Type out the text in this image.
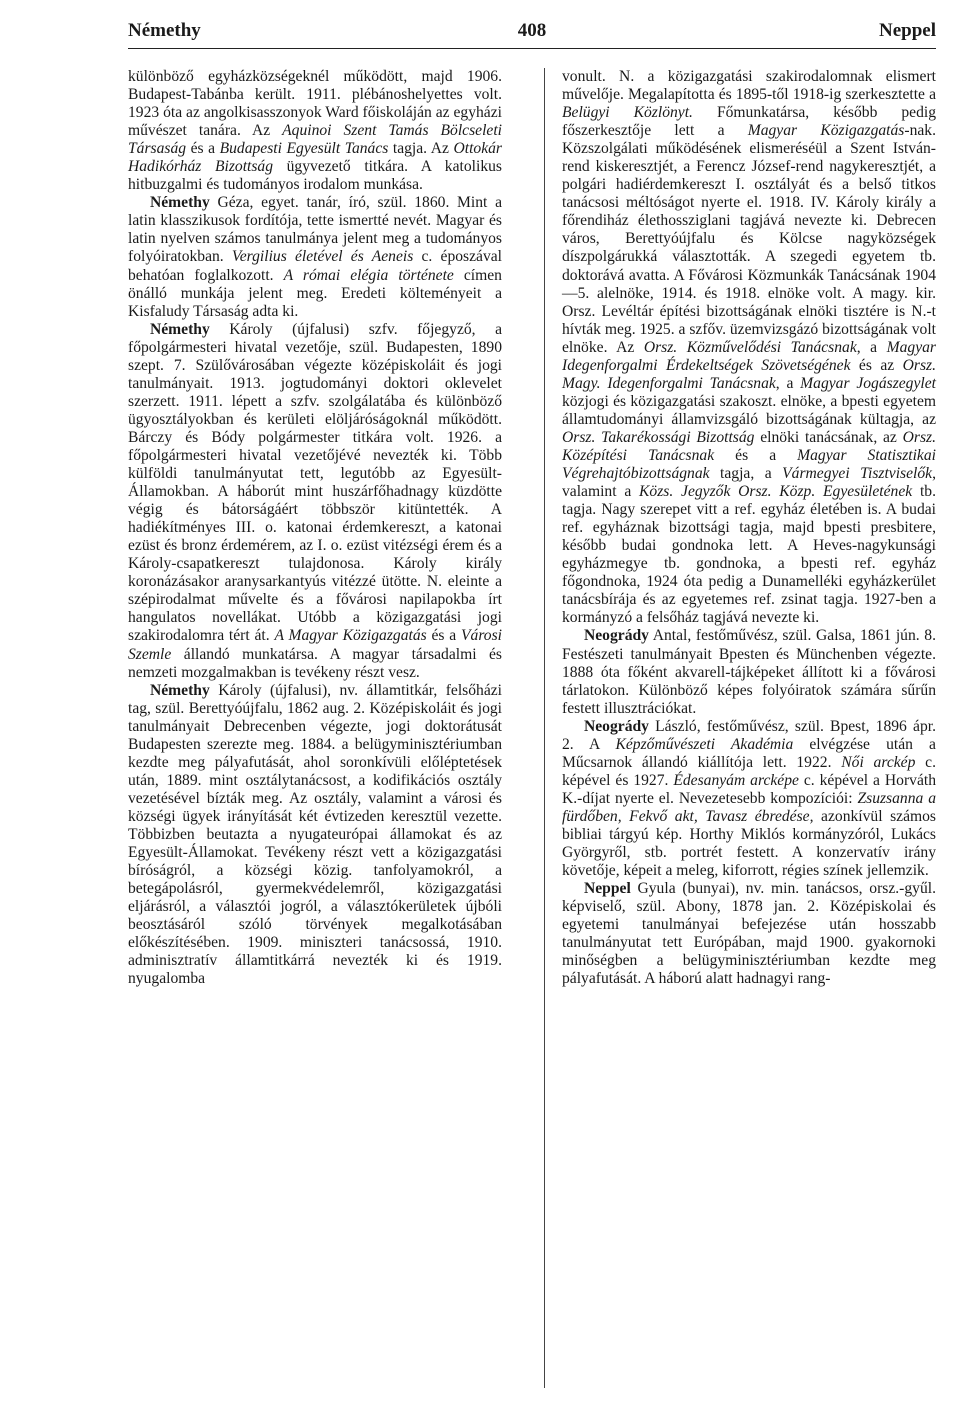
Némethy	408	Neppel

különböző egyházközségeknél működött, majd 1906. Budapest-Tabánba került. 1911. plébánoshelyettes volt. 1923 óta az angolkisasszonyok Ward főiskoláján az egyházi művészet tanára. Az Aquinoi Szent Tamás Bölcseleti Társaság és a Budapesti Egyesült Tanács tagja. Az Ottokár Hadikórház Bizottság ügyvezető titkára. A katolikus hitbuzgalmi és tudományos irodalom munkása.

Némethy Géza, egyet. tanár, író, szül. 1860. Mint a latin klasszikusok fordítója, tette ismertté nevét. Magyar és latin nyelven számos tanulmánya jelent meg a tudományos folyóiratokban. Vergilius életével és Aeneis c. époszával behatóan foglalkozott. A római elégia története címen önálló munkája jelent meg. Eredeti költeményeit a Kisfaludy Társaság adta ki.

Némethy Károly (újfalusi) szfv. főjegyző, a főpolgármesteri hivatal vezetője, szül. Budapesten, 1890 szept. 7. Szülővárosában végezte középiskoláit és jogi tanulmányait. 1913. jogtudományi doktori oklevelet szerzett. 1911. lépett a szfv. szolgálatába és különböző ügyosztályokban és kerületi elöljáróságoknál működött. Bárczy és Bódy polgármester titkára volt. 1926. a főpolgármesteri hivatal vezetőjévé nevezték ki. Több külföldi tanulmányutat tett, legutóbb az Egyesült-Államokban. A háborút mint huszárfőhadnagy küzdötte végig és bátorságáért többször kitüntették. A hadiékítményes III. o. katonai érdemkereszt, a katonai ezüst és bronz érdemérem, az I. o. ezüst vitézségi érem és a Károly-csapatkereszt tulajdonosa. Károly király koronázásakor aranysarkantyús vitézzé ütötte. N. eleinte a szépirodalmat művelte és a fővárosi napilapokba írt hangulatos novellákat. Utóbb a közigazgatási jogi szakirodalomra tért át. A Magyar Közigazgatás és a Városi Szemle állandó munkatársa. A magyar társadalmi és nemzeti mozgalmakban is tevékeny részt vesz.

Némethy Károly (újfalusi), nv. államtitkár, felsőházi tag, szül. Berettyóújfalu, 1862 aug. 2. Középiskoláit és jogi tanulmányait Debrecenben végezte, jogi doktorátusát Budapesten szerezte meg. 1884. a belügyminisztériumban kezdte meg pályafutását, ahol soronkívüli előléptetések után, 1889. mint osztálytanácsost, a kodifikációs osztály vezetésével bízták meg. Az osztály, valamint a városi és községi ügyek irányítását két évtizeden keresztül vezette. Többizben beutazta a nyugateurópai államokat és az Egyesült-Államokat. Tevékeny részt vett a közigazgatási bíróságról, a községi közig. tanfolyamokról, a betegápolásról, gyermekvédelemről, közigazgatási eljárásról, a választói jogról, a választókerületek újbóli beosztásáról szóló törvények megalkotásában előkészítésében. 1909. miniszteri tanácsossá, 1910. adminisztratív államtitkárrá nevezték ki és 1919. nyugalomba

vonult. N. a közigazgatási szakirodalomnak elismert művelője. Megalapította és 1895-től 1918-ig szerkesztette a Belügyi Közlönyt. Főmunkatársa, később pedig főszerkesztője lett a Magyar Közigazgatás-nak. Közszolgálati működésének elismeréséül a Szent István-rend kiskeresztjét, a Ferencz József-rend nagykeresztjét, a polgári hadiérdemkereszt I. osztályát és a belső titkos tanácsosi méltóságot nyerte el. 1918. IV. Károly király a főrendiház élethossziglani tagjává nevezte ki. Debrecen város, Berettyóújfalu és Kölcse nagyközségek díszpolgárukká választották. A szegedi egyetem tb. doktorává avatta. A Fővárosi Közmunkák Tanácsának 1904—5. alelnöke, 1914. és 1918. elnöke volt. A magy. kir. Orsz. Levéltár építési bizottságának elnöki tisztére is N.-t hívták meg. 1925. a szfőv. üzemvizsgázó bizottságának volt elnöke. Az Orsz. Közművelődési Tanácsnak, a Magyar Idegenforgalmi Érdekeltségek Szövetségének és az Orsz. Magy. Idegenforgalmi Tanácsnak, a Magyar Jogászegylet közjogi és közigazgatási szakoszt. elnöke, a bpesti egyetem államtudományi államvizsgáló bizottságának kültagja, az Orsz. Takarékossági Bizottság elnöki tanácsának, az Orsz. Középítési Tanácsnak és a Magyar Statisztikai Végrehajtóbizottságnak tagja, a Vármegyei Tisztviselők, valamint a Közs. Jegyzők Orsz. Közp. Egyesületének tb. tagja. Nagy szerepet vitt a ref. egyház életében is. A budai ref. egyháznak bizottsági tagja, majd bpesti presbitere, később budai gondnoka lett. A Heves-nagykunsági egyházmegye tb. gondnoka, a bpesti ref. egyház főgondnoka, 1924 óta pedig a Dunamelléki egyházkerület tanácsbírája és az egyetemes ref. zsinat tagja. 1927-ben a kormányzó a felsőház tagjává nevezte ki.

Neogrády Antal, festőművész, szül. Galsa, 1861 jún. 8. Festészeti tanulmányait Bpesten és Münchenben végezte. 1888 óta főként akvarell-tájképeket állított ki a fővárosi tárlatokon. Különböző képes folyóiratok számára sűrűn festett illusztrációkat.

Neogrády László, festőművész, szül. Bpest, 1896 ápr. 2. A Képzőművészeti Akadémia elvégzése után a Műcsarnok állandó kiállítója lett. 1922. Női arckép c. képével és 1927. Édesanyám arcképe c. képével a Horváth K.-díjat nyerte el. Nevezetesebb kompozíciói: Zsuzsanna a fürdőben, Fekvő akt, Tavasz ébredése, azonkívül számos bibliai tárgyú kép. Horthy Miklós kormányzóról, Lukács Györgyről, stb. portrét festett. A konzervatív irány követője, képeit a meleg, kiforrott, régies színek jellemzik.

Neppel Gyula (bunyai), nv. min. tanácsos, orsz.-gyűl. képviselő, szül. Abony, 1878 jan. 2. Középiskolai és egyetemi tanulmányai befejezése után hosszabb tanulmányutat tett Európában, majd 1900. gyakornoki minőségben a belügyminisztériumban kezdte meg pályafutását. A háború alatt hadnagyi rang-
